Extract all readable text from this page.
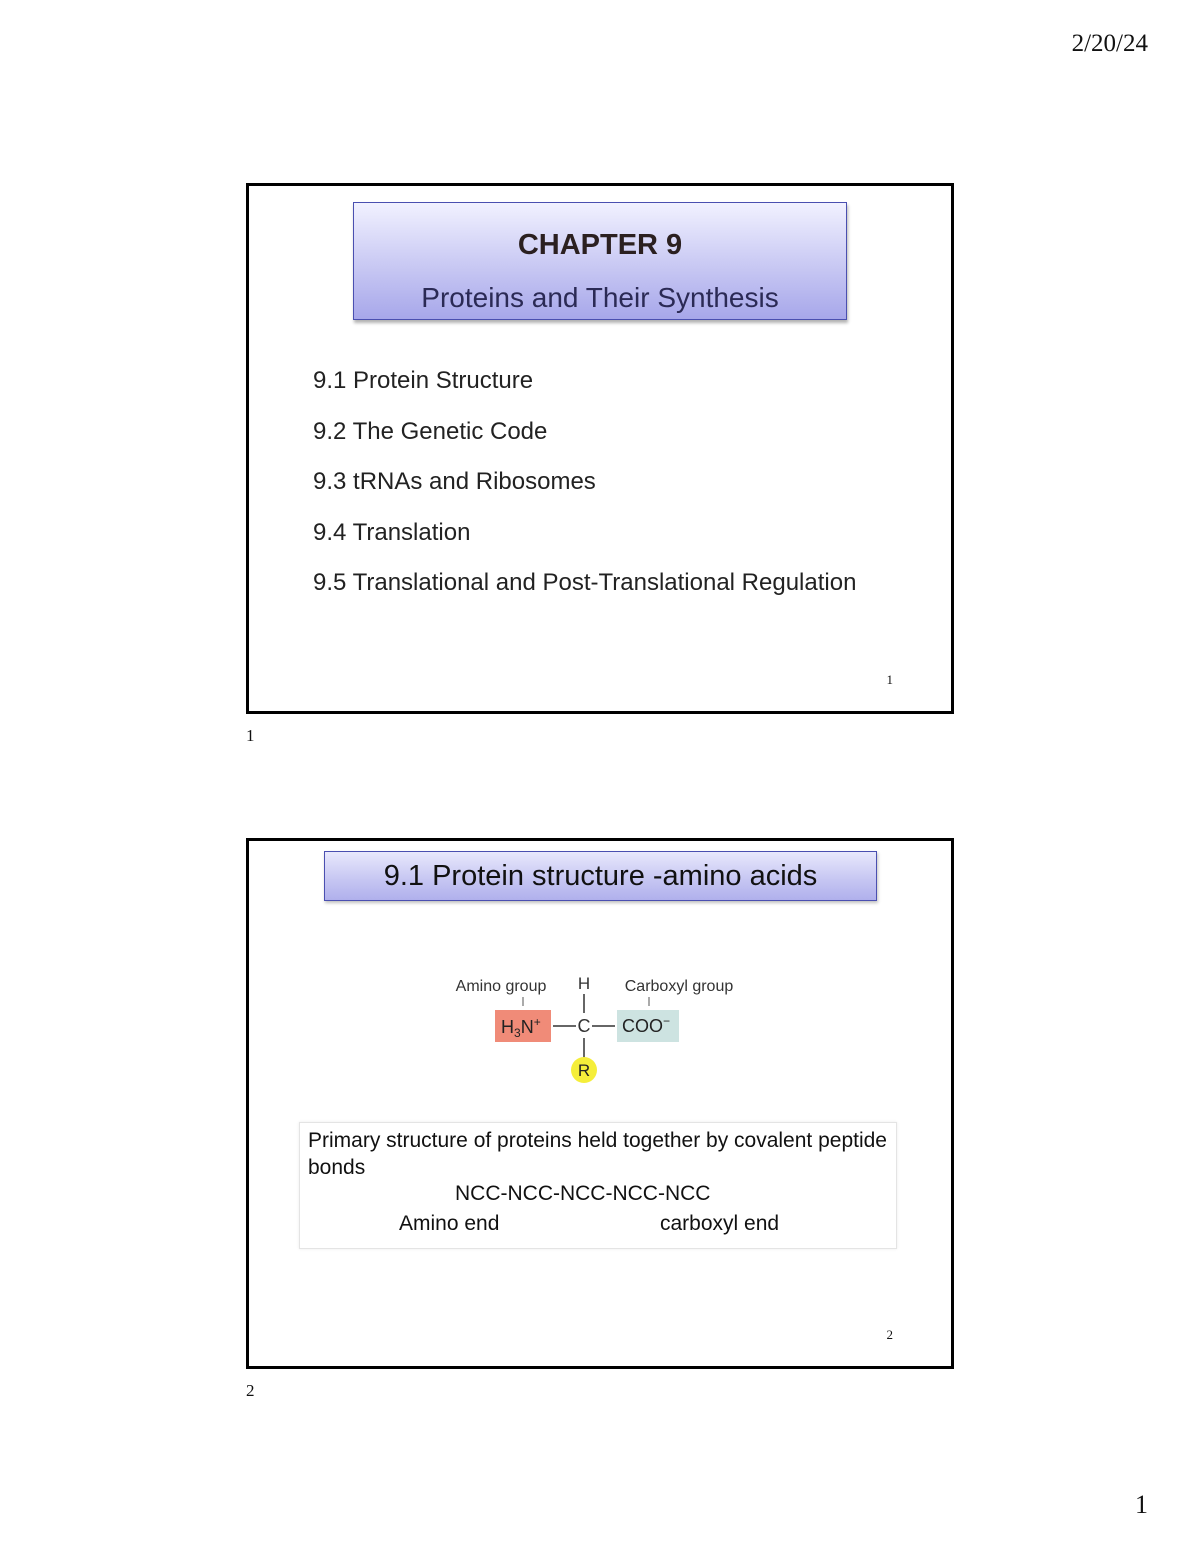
2/20/24
CHAPTER 9
Proteins and Their Synthesis
9.1 Protein Structure
9.2 The Genetic Code
9.3 tRNAs and Ribosomes
9.4 Translation
9.5 Translational and Post-Translational Regulation
1
1
9.1 Protein structure -amino acids
Amino group	Carboxyl group
H
$H_3N^+$ C COO−
R
Primary structure of proteins held together by covalent peptide bonds
NCC-NCC-NCC-NCC-NCC
Amino end	carboxyl end
2
2
1
